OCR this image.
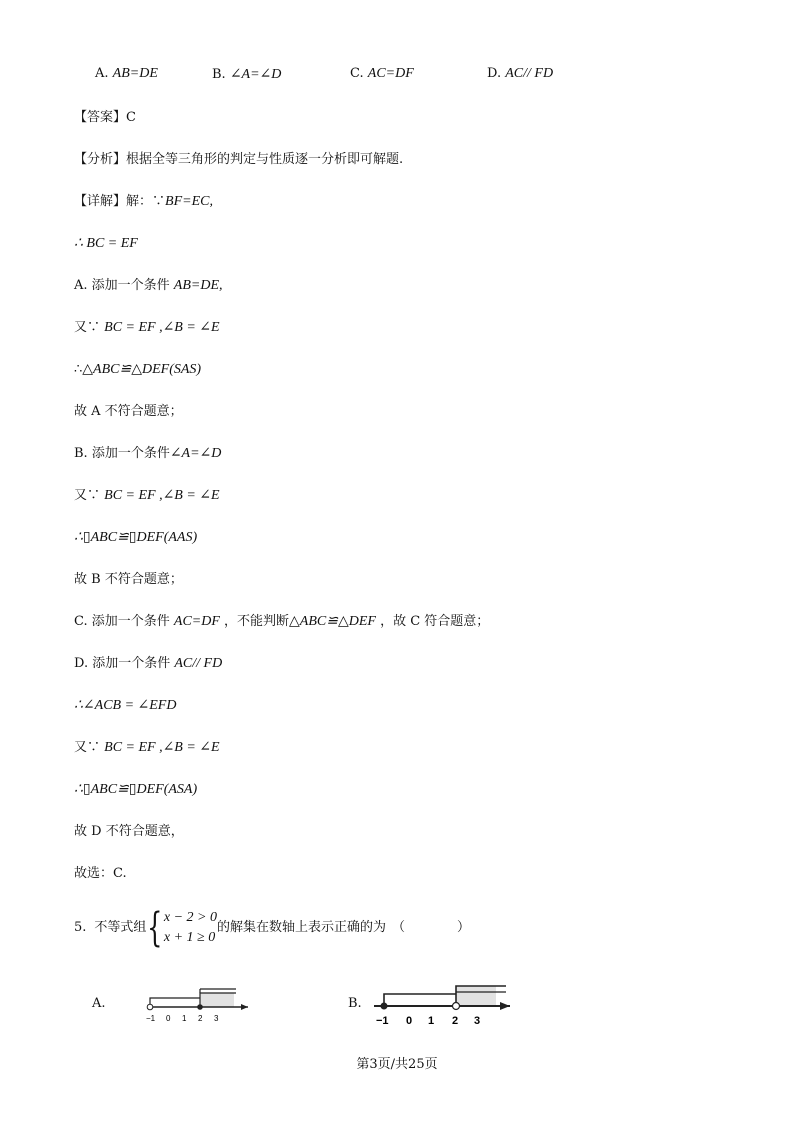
A. AB=DE	B. ∠A=∠D	C. AC=DF	D. AC// FD
【答案】C
【分析】根据全等三角形的判定与性质逐一分析即可解题.
【详解】解：∵BF=EC,
∴ BC = EF
A. 添加一个条件 AB=DE,
又∵ BC = EF ,∠B = ∠E
∴△ABC≌△DEF(SAS)
故 A 不符合题意；
B. 添加一个条件∠A=∠D
又∵ BC = EF ,∠B = ∠E
∴▯ABC≌▯DEF(AAS)
故 B 不符合题意；
C. 添加一个条件 AC=DF ，不能判断△ABC≌△DEF ，故 C 符合题意；
D. 添加一个条件 AC// FD
∴∠ACB = ∠EFD
又∵ BC = EF ,∠B = ∠E
∴▯ABC≌▯DEF(ASA)
故 D 不符合题意，
故选：C.
5. 不等式组 { x − 2 > 0
x + 1 ≥ 0
的解集在数轴上表示正确的为 （　　　　）
A.
−1 0 1 2 3
B.
−1 0 1 2 3
第3页/共25页
